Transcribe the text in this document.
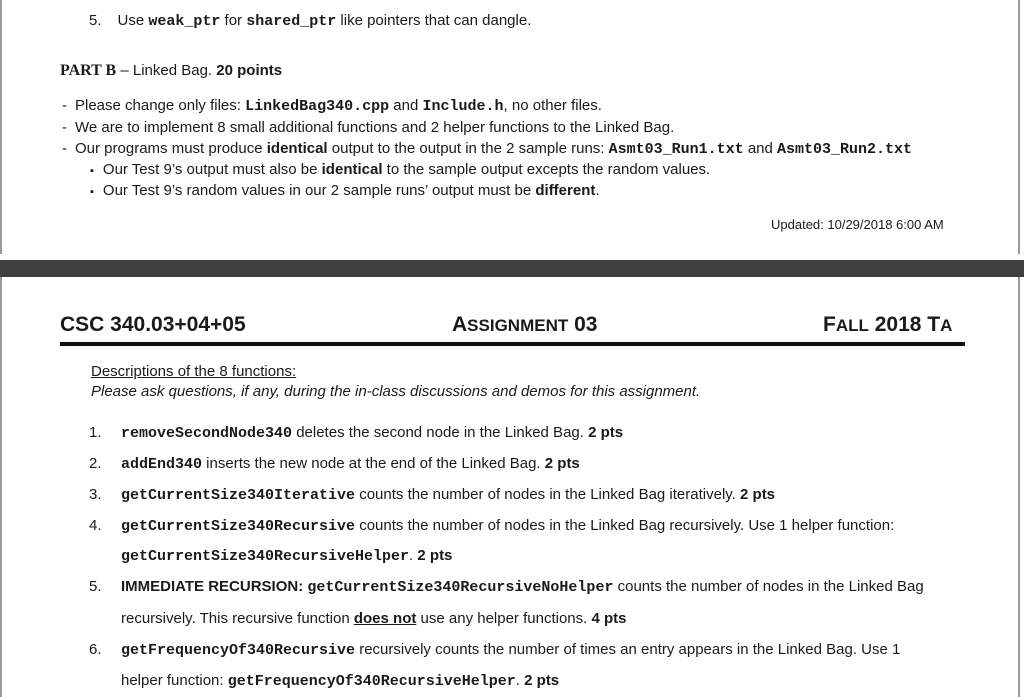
5. Use weak_ptr for shared_ptr like pointers that can dangle.
PART B – Linked Bag. 20 points
- Please change only files: LinkedBag340.cpp and Include.h, no other files.
- We are to implement 8 small additional functions and 2 helper functions to the Linked Bag.
- Our programs must produce identical output to the output in the 2 sample runs: Asmt03_Run1.txt and Asmt03_Run2.txt
▪ Our Test 9’s output must also be identical to the sample output excepts the random values.
▪ Our Test 9’s random values in our 2 sample runs’ output must be different.
Updated: 10/29/2018 6:00 AM
CSC 340.03+04+05	ASSIGNMENT 03	FALL 2018 TA
Descriptions of the 8 functions:
Please ask questions, if any, during the in-class discussions and demos for this assignment.
1. removeSecondNode340 deletes the second node in the Linked Bag. 2 pts
2. addEnd340 inserts the new node at the end of the Linked Bag. 2 pts
3. getCurrentSize340Iterative counts the number of nodes in the Linked Bag iteratively. 2 pts
4. getCurrentSize340Recursive counts the number of nodes in the Linked Bag recursively. Use 1 helper function:
getCurrentSize340RecursiveHelper. 2 pts
5. IMMEDIATE RECURSION: getCurrentSize340RecursiveNoHelper counts the number of nodes in the Linked Bag
recursively. This recursive function does not use any helper functions. 4 pts
6. getFrequencyOf340Recursive recursively counts the number of times an entry appears in the Linked Bag. Use 1
helper function: getFrequencyOf340RecursiveHelper. 2 pts
